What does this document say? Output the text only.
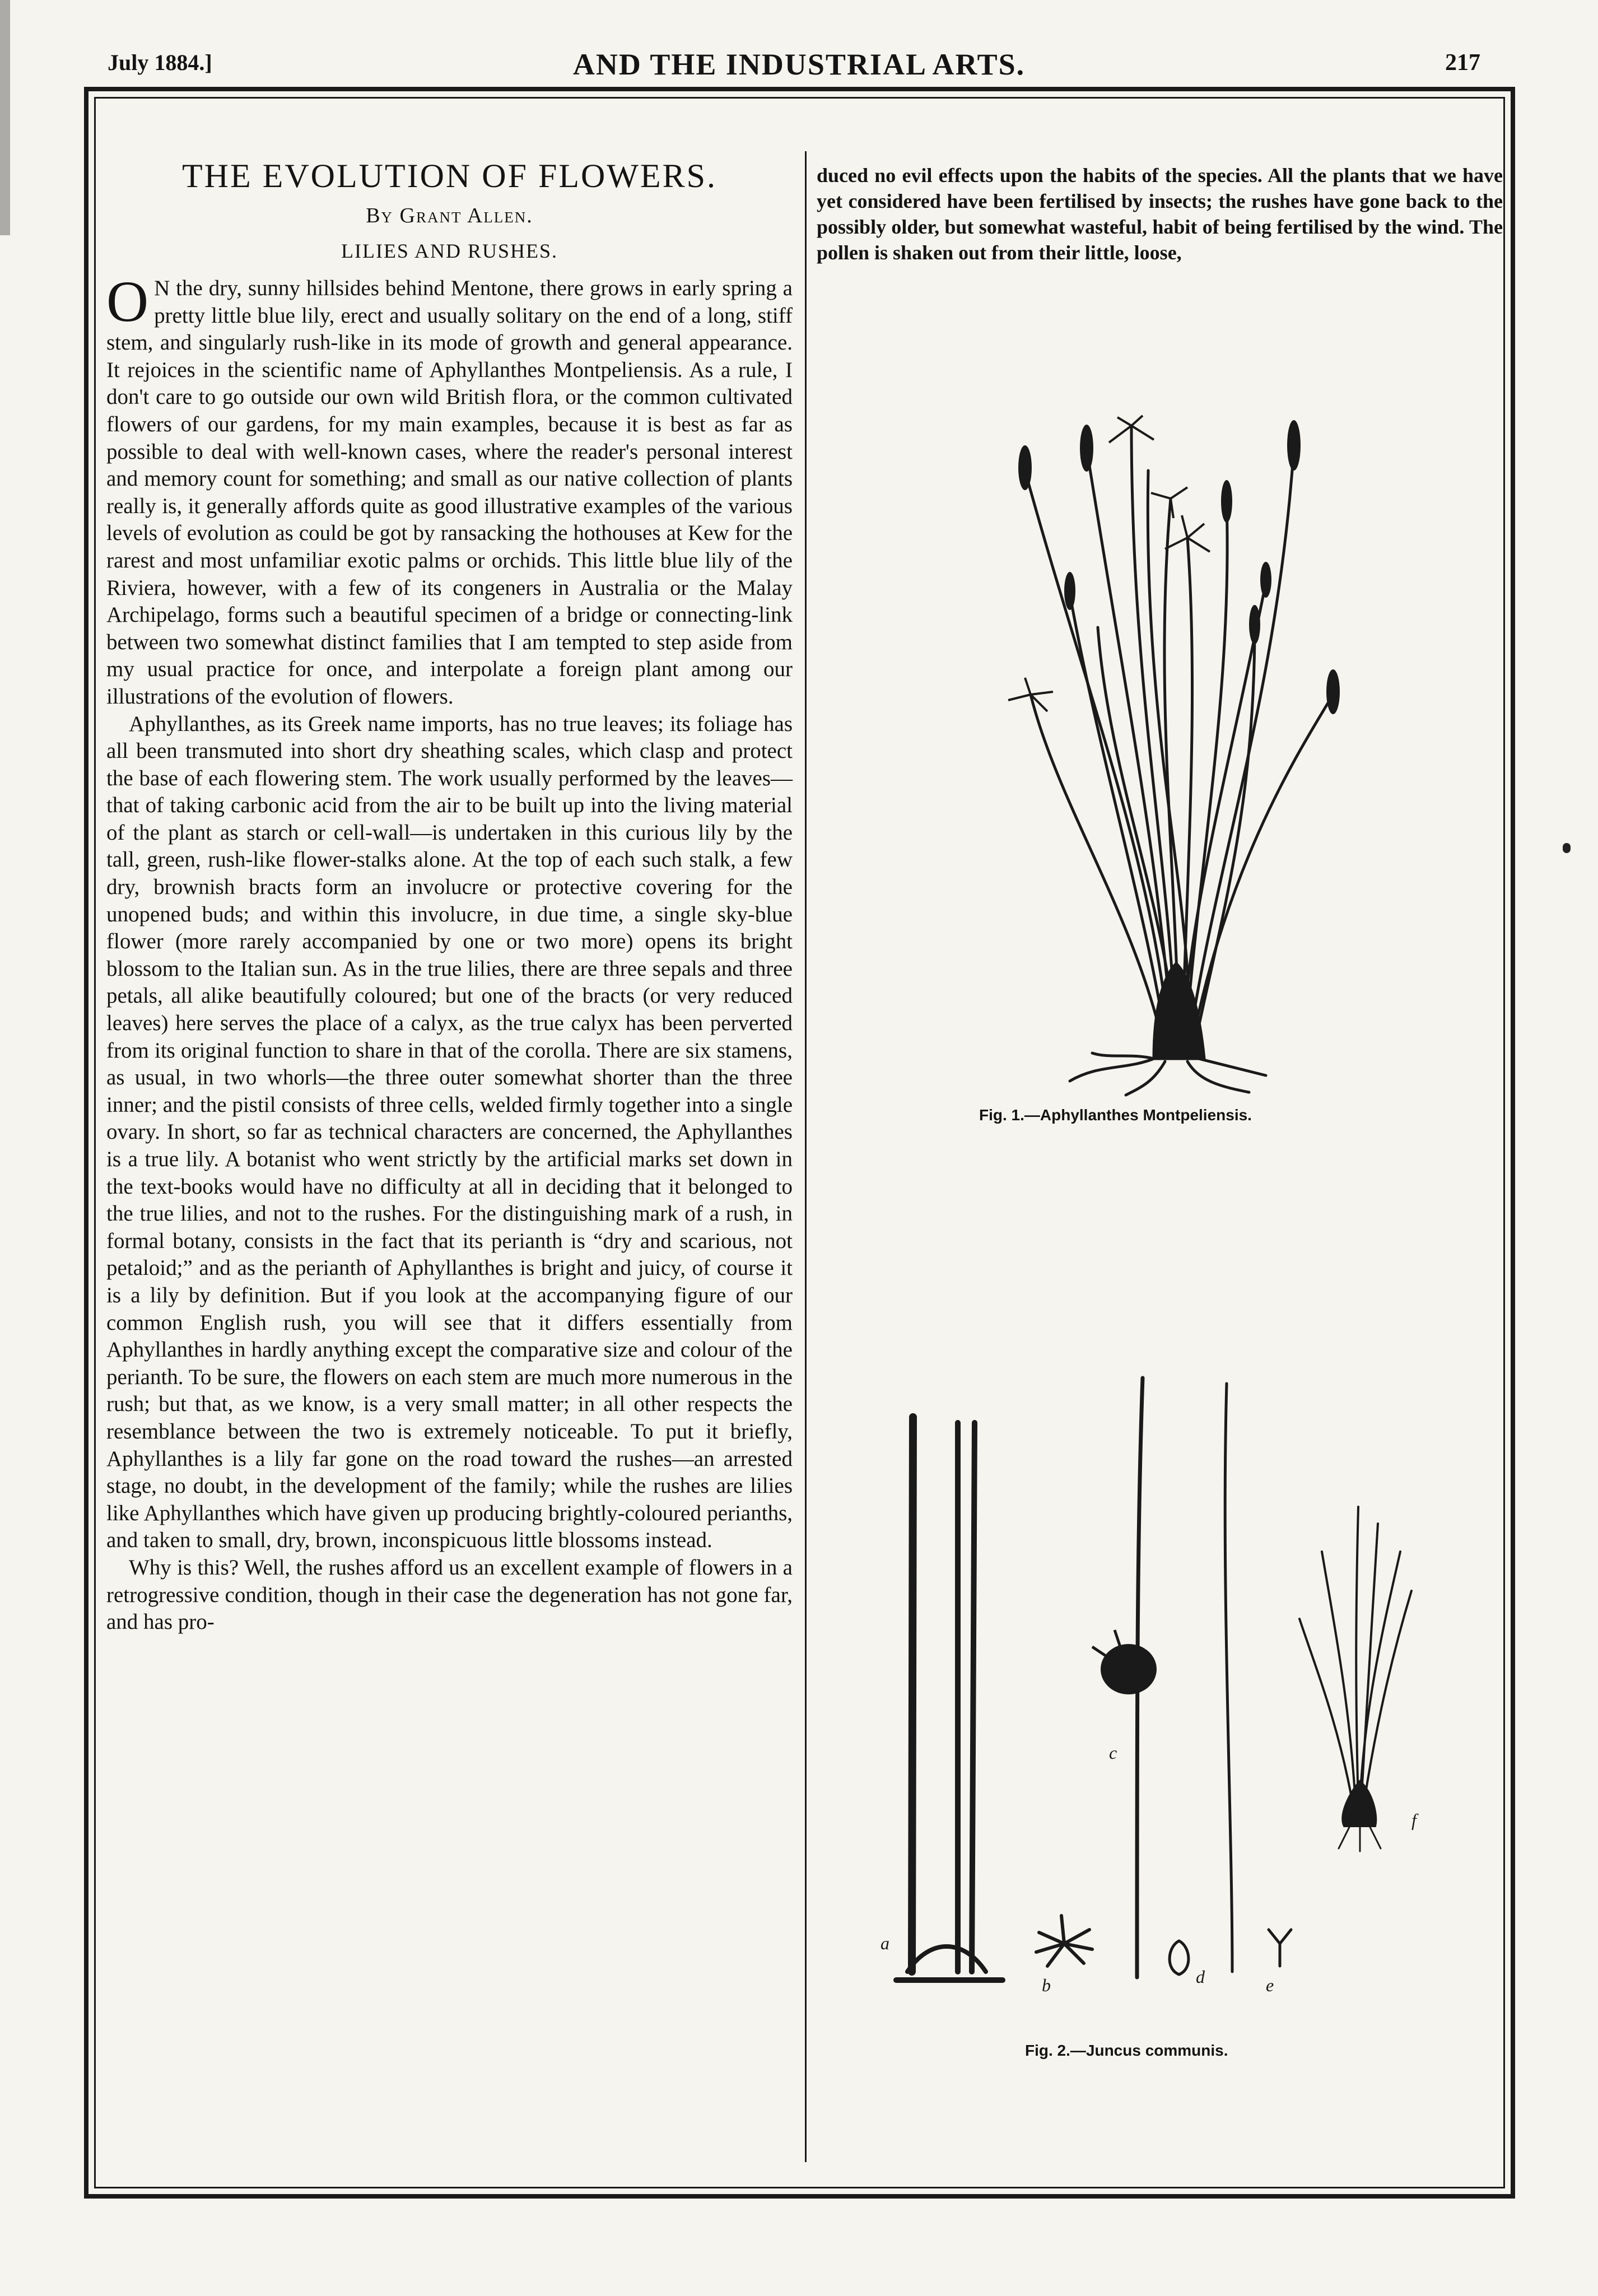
July 1884.]	AND THE INDUSTRIAL ARTS.	217
THE EVOLUTION OF FLOWERS.
By Grant Allen.
LILIES AND RUSHES.

O N the dry, sunny hillsides behind Mentone, there grows in early spring a pretty little blue lily, erect and usually solitary on the end of a long, stiff stem, and singularly rush-like in its mode of growth and general appearance. It rejoices in the scientific name of Aphyllanthes Montpeliensis. As a rule, I don't care to go outside our own wild British flora, or the common cultivated flowers of our gardens, for my main examples, because it is best as far as possible to deal with well-known cases, where the reader's personal interest and memory count for something; and small as our native collection of plants really is, it generally affords quite as good illustrative examples of the various levels of evolution as could be got by ransacking the hothouses at Kew for the rarest and most unfamiliar exotic palms or orchids. This little blue lily of the Riviera, however, with a few of its congeners in Australia or the Malay Archipelago, forms such a beautiful specimen of a bridge or connecting-link between two somewhat distinct families that I am tempted to step aside from my usual practice for once, and interpolate a foreign plant among our illustrations of the evolution of flowers.

Aphyllanthes, as its Greek name imports, has no true leaves; its foliage has all been transmuted into short dry sheathing scales, which clasp and protect the base of each flowering stem. The work usually performed by the leaves—that of taking carbonic acid from the air to be built up into the living material of the plant as starch or cell-wall—is undertaken in this curious lily by the tall, green, rush-like flower-stalks alone. At the top of each such stalk, a few dry, brownish bracts form an involucre or protective covering for the unopened buds; and within this involucre, in due time, a single sky-blue flower (more rarely accompanied by one or two more) opens its bright blossom to the Italian sun. As in the true lilies, there are three sepals and three petals, all alike beautifully coloured; but one of the bracts (or very reduced leaves) here serves the place of a calyx, as the true calyx has been perverted from its original function to share in that of the corolla. There are six stamens, as usual, in two whorls—the three outer somewhat shorter than the three inner; and the pistil consists of three cells, welded firmly together into a single ovary. In short, so far as technical characters are concerned, the Aphyllanthes is a true lily. A botanist who went strictly by the artificial marks set down in the text-books would have no difficulty at all in deciding that it belonged to the true lilies, and not to the rushes. For the distinguishing mark of a rush, in formal botany, consists in the fact that its perianth is “dry and scarious, not petaloid;” and as the perianth of Aphyllanthes is bright and juicy, of course it is a lily by definition. But if you look at the accompanying figure of our common English rush, you will see that it differs essentially from Aphyllanthes in hardly anything except the comparative size and colour of the perianth. To be sure, the flowers on each stem are much more numerous in the rush; but that, as we know, is a very small matter; in all other respects the resemblance between the two is extremely noticeable. To put it briefly, Aphyllanthes is a lily far gone on the road toward the rushes—an arrested stage, no doubt, in the development of the family; while the rushes are lilies like Aphyllanthes which have given up producing brightly-coloured perianths, and taken to small, dry, brown, inconspicuous little blossoms instead.

Why is this? Well, the rushes afford us an excellent example of flowers in a retrogressive condition, though in their case the degeneration has not gone far, and has pro-

duced no evil effects upon the habits of the species. All the plants that we have yet considered have been fertilised by insects; the rushes have gone back to the possibly older, but somewhat wasteful, habit of being fertilised by the wind. The pollen is shaken out from their little, loose,

Fig. 1.—Aphyllanthes Montpeliensis.
a
b
c
d	e
f
Fig. 2.—Juncus communis.
